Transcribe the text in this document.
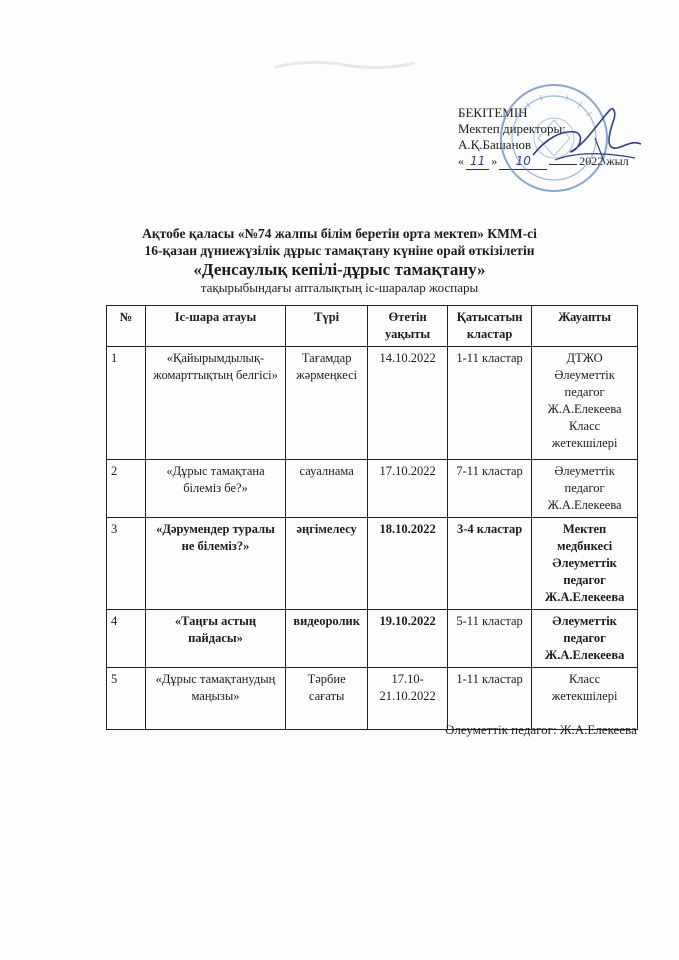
БЕКІТЕМІН
Мектеп директоры:
А.Қ.Башанов
« 11 »	10	2022 жыл
Ақтобе қаласы «№74 жалпы білім беретін орта мектеп» КММ-сі
16-қазан дүниежүзілік дұрыс тамақтану күніне орай өткізілетін
«Денсаулық кепілі-дұрыс тамақтану»
тақырыбындағы апталықтың іс-шаралар жоспары
№	Іс-шара атауы	Түрі	Өтетін уақыты	Қатысатын кластар	Жауапты
1	«Қайырымдылық-жомарттықтың белгісі»	Тағамдар жәрмеңкесі	14.10.2022	1-11 кластар	ДТЖО Әлеуметтік педагог Ж.А.Елекеева Класс жетекшілері
2	«Дұрыс тамақтана білеміз бе?»	сауалнама	17.10.2022	7-11 кластар	Әлеуметтік педагог Ж.А.Елекеева
3	«Дәрумендер туралы не білеміз?»	әңгімелесу	18.10.2022	3-4 кластар	Мектеп медбикесі Әлеуметтік педагог Ж.А.Елекеева
4	«Таңғы астың пайдасы»	видеоролик	19.10.2022	5-11 кластар	Әлеуметтік педагог Ж.А.Елекеева
5	«Дұрыс тамақтанудың маңызы»	Тәрбие сағаты	17.10-21.10.2022	1-11 кластар	Класс жетекшілері
Әлеуметтік педагог: Ж.А.Елекеева
